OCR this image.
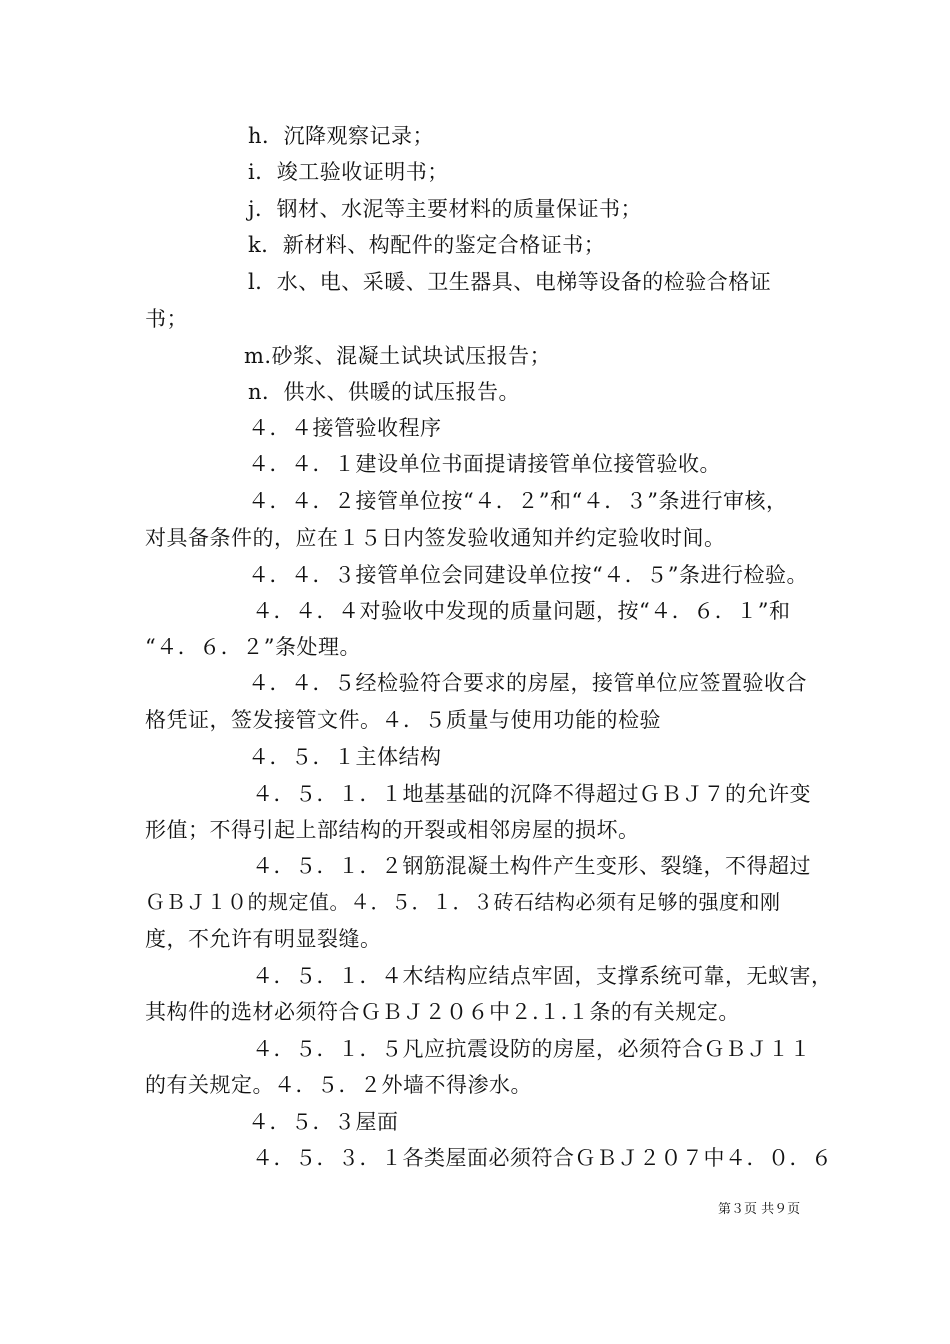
h．沉降观察记录；
i．竣工验收证明书；
j．钢材、水泥等主要材料的质量保证书；
k．新材料、构配件的鉴定合格证书；
l．水、电、采暖、卫生器具、电梯等设备的检验合格证
书；
m.砂浆、混凝土试块试压报告；
n．供水、供暖的试压报告。
４．４接管验收程序
４．４．１建设单位书面提请接管单位接管验收。
４．４．２接管单位按“４．２”和“４．３”条进行审核，
对具备条件的，应在１５日内签发验收通知并约定验收时间。
４．４．３接管单位会同建设单位按“４．５”条进行检验。
４．４．４对验收中发现的质量问题，按“４．６．１”和
“４．６．２”条处理。
４．４．５经检验符合要求的房屋，接管单位应签置验收合
格凭证，签发接管文件。４．５质量与使用功能的检验
４．５．１主体结构
４．５．１．１地基基础的沉降不得超过ＧＢＪ７的允许变
形值；不得引起上部结构的开裂或相邻房屋的损坏。
４．５．１．２钢筋混凝土构件产生变形、裂缝，不得超过
ＧＢＪ１０的规定值。４．５．１．３砖石结构必须有足够的强度和刚
度，不允许有明显裂缝。
４．５．１．４木结构应结点牢固，支撑系统可靠，无蚁害，
其构件的选材必须符合ＧＢＪ２０６中２.１.１条的有关规定。
４．５．１．５凡应抗震设防的房屋，必须符合ＧＢＪ１１
的有关规定。４．５．２外墙不得渗水。
４．５．３屋面
４．５．３．１各类屋面必须符合ＧＢＪ２０７中４．０．６
第３页 共９页
